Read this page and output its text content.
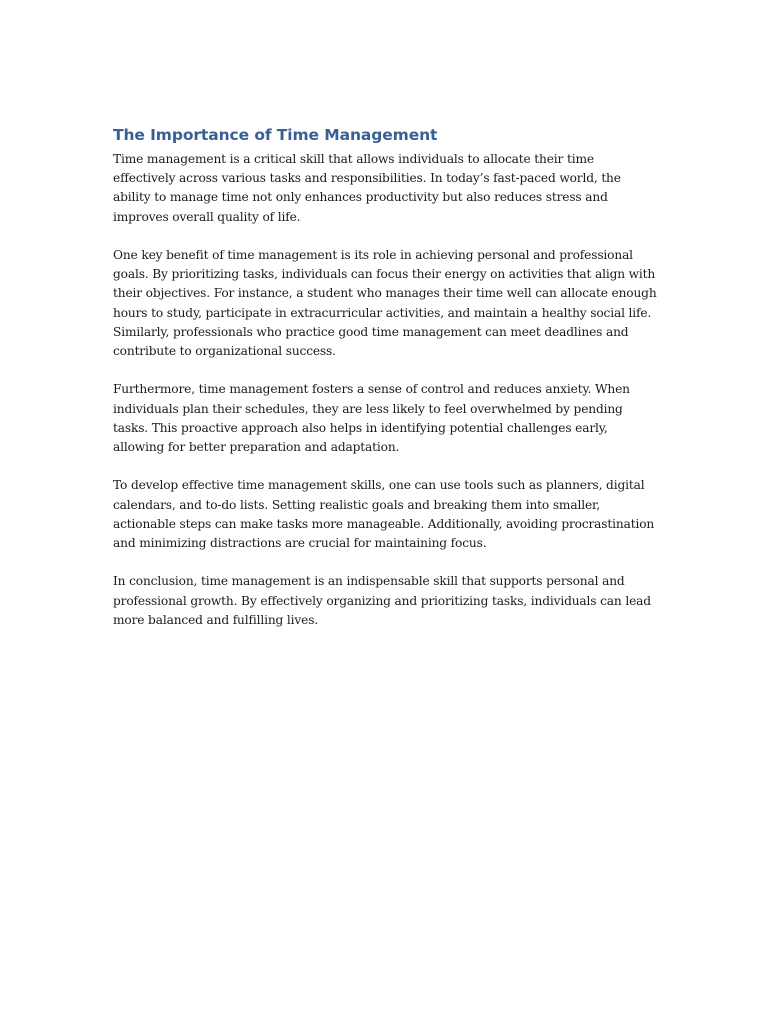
The Importance of Time Management

Time management is a critical skill that allows individuals to allocate their time effectively across various tasks and responsibilities. In today’s fast-paced world, the ability to manage time not only enhances productivity but also reduces stress and improves overall quality of life.

One key benefit of time management is its role in achieving personal and professional goals. By prioritizing tasks, individuals can focus their energy on activities that align with their objectives. For instance, a student who manages their time well can allocate enough hours to study, participate in extracurricular activities, and maintain a healthy social life. Similarly, professionals who practice good time management can meet deadlines and contribute to organizational success.

Furthermore, time management fosters a sense of control and reduces anxiety. When individuals plan their schedules, they are less likely to feel overwhelmed by pending tasks. This proactive approach also helps in identifying potential challenges early, allowing for better preparation and adaptation.

To develop effective time management skills, one can use tools such as planners, digital calendars, and to-do lists. Setting realistic goals and breaking them into smaller, actionable steps can make tasks more manageable. Additionally, avoiding procrastination and minimizing distractions are crucial for maintaining focus.

In conclusion, time management is an indispensable skill that supports personal and professional growth. By effectively organizing and prioritizing tasks, individuals can lead more balanced and fulfilling lives.
